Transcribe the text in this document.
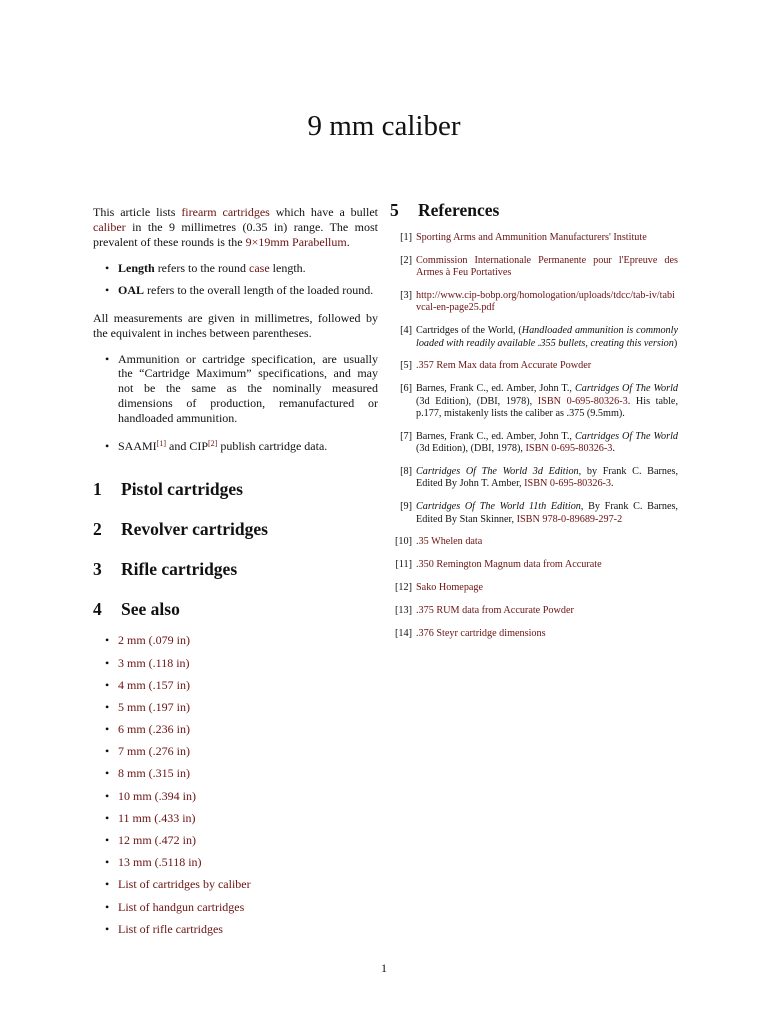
9 mm caliber

This article lists firearm cartridges which have a bullet caliber in the 9 millimetres (0.35 in) range. The most prevalent of these rounds is the 9×19mm Parabellum.

• Length refers to the round case length.
• OAL refers to the overall length of the loaded round.

All measurements are given in millimetres, followed by the equivalent in inches between parentheses.

• Ammunition or cartridge specification, are usually the “Cartridge Maximum” specifications, and may not be the same as the nominally measured dimensions of production, remanufactured or handloaded ammunition.
• SAAMI[1] and CIP[2] publish cartridge data.
1	Pistol cartridges
2	Revolver cartridges
3	Rifle cartridges
4	See also
• 2 mm (.079 in)
• 3 mm (.118 in)
• 4 mm (.157 in)
• 5 mm (.197 in)
• 6 mm (.236 in)
• 7 mm (.276 in)
• 8 mm (.315 in)
• 10 mm (.394 in)
• 11 mm (.433 in)
• 12 mm (.472 in)
• 13 mm (.5118 in)
• List of cartridges by caliber
• List of handgun cartridges
• List of rifle cartridges
5	References
[1] Sporting Arms and Ammunition Manufacturers' Institute
[2] Commission Internationale Permanente pour l'Epreuve des Armes à Feu Portatives
[3] http://www.cip-bobp.org/homologation/uploads/tdcc/tab-iv/tabivcal-en-page25.pdf
[4] Cartridges of the World, (Handloaded ammunition is commonly loaded with readily available .355 bullets, creating this version)
[5] .357 Rem Max data from Accurate Powder
[6] Barnes, Frank C., ed. Amber, John T., Cartridges Of The World (3d Edition), (DBI, 1978), ISBN 0-695-80326-3. His table, p.177, mistakenly lists the caliber as .375 (9.5mm).
[7] Barnes, Frank C., ed. Amber, John T., Cartridges Of The World (3d Edition), (DBI, 1978), ISBN 0-695-80326-3.
[8] Cartridges Of The World 3d Edition, by Frank C. Barnes, Edited By John T. Amber, ISBN 0-695-80326-3.
[9] Cartridges Of The World 11th Edition, By Frank C. Barnes, Edited By Stan Skinner, ISBN 978-0-89689-297-2
[10] .35 Whelen data
[11] .350 Remington Magnum data from Accurate
[12] Sako Homepage
[13] .375 RUM data from Accurate Powder
[14] .376 Steyr cartridge dimensions
1
